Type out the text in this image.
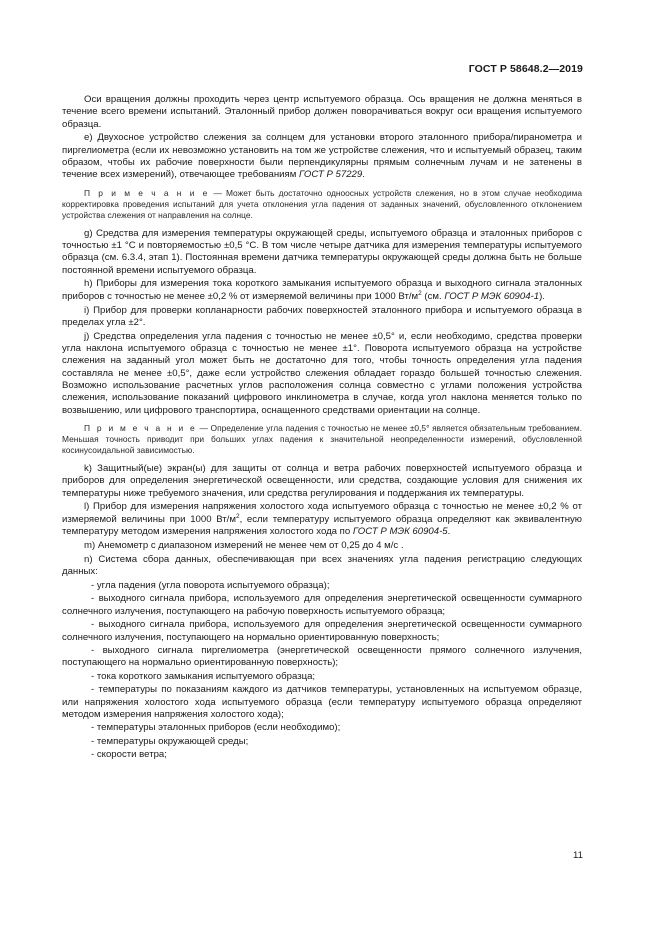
ГОСТ Р 58648.2—2019

Оси вращения должны проходить через центр испытуемого образца. Ось вращения не должна меняться в течение всего времени испытаний. Эталонный прибор должен поворачиваться вокруг оси вращения испытуемого образца.

е) Двухосное устройство слежения за солнцем для установки второго эталонного прибора/пиранометра и пиргелиометра (если их невозможно установить на том же устройстве слежения, что и испытуемый образец, таким образом, чтобы их рабочие поверхности были перпендикулярны прямым солнечным лучам и не затенены в течение всех измерений), отвечающее требованиям ГОСТ Р 57229.

П р и м е ч а н и е — Может быть достаточно одноосных устройств слежения, но в этом случае необходима корректировка проведения испытаний для учета отклонения угла падения от заданных значений, обусловленного отклонением устройства слежения от направления на солнце.

g) Средства для измерения температуры окружающей среды, испытуемого образца и эталонных приборов с точностью ±1 °С и повторяемостью ±0,5 °С. В том числе четыре датчика для измерения температуры испытуемого образца (см. 6.3.4, этап 1). Постоянная времени датчика температуры окружающей среды должна быть не больше постоянной времени испытуемого образца.

h) Приборы для измерения тока короткого замыкания испытуемого образца и выходного сигнала эталонных приборов с точностью не менее ±0,2 % от измеряемой величины при 1000 $Вт/м^2$ (см. ГОСТ Р МЭК 60904-1).

i) Прибор для проверки копланарности рабочих поверхностей эталонного прибора и испытуемого образца в пределах угла ±2°.

j) Средства определения угла падения с точностью не менее ±0,5° и, если необходимо, средства проверки угла наклона испытуемого образца с точностью не менее ±1°. Поворота испытуемого образца на устройстве слежения на заданный угол может быть не достаточно для того, чтобы точность определения угла падения составляла не менее ±0,5°, даже если устройство слежения обладает гораздо большей точностью слежения. Возможно использование расчетных углов расположения солнца совместно с углами положения устройства слежения, использование показаний цифрового инклинометра в случае, когда угол наклона меняется только по возвышению, или цифрового транспортира, оснащенного средствами ориентации на солнце.

П р и м е ч а н и е — Определение угла падения с точностью не менее ±0,5° является обязательным требованием. Меньшая точность приводит при больших углах падения к значительной неопределенности измерений, обусловленной косинусоидальной зависимостью.

k) Защитный(ые) экран(ы) для защиты от солнца и ветра рабочих поверхностей испытуемого образца и приборов для определения энергетической освещенности, или средства, создающие условия для снижения их температуры ниже требуемого значения, или средства регулирования и поддержания их температуры.

l) Прибор для измерения напряжения холостого хода испытуемого образца с точностью не менее ±0,2 % от измеряемой величины при 1000 $Вт/м^2$, если температуру испытуемого образца определяют как эквивалентную температуру методом измерения напряжения холостого хода по ГОСТ Р МЭК 60904-5.

m) Анемометр с диапазоном измерений не менее чем от 0,25 до 4 м/с .

n) Система сбора данных, обеспечивающая при всех значениях угла падения регистрацию следующих данных:

- угла падения (угла поворота испытуемого образца);

- выходного сигнала прибора, используемого для определения энергетической освещенности суммарного солнечного излучения, поступающего на рабочую поверхность испытуемого образца;

- выходного сигнала прибора, используемого для определения энергетической освещенности суммарного солнечного излучения, поступающего на нормально ориентированную поверхность;

- выходного сигнала пиргелиометра (энергетической освещенности прямого солнечного излучения, поступающего на нормально ориентированную поверхность);

- тока короткого замыкания испытуемого образца;

- температуры по показаниям каждого из датчиков температуры, установленных на испытуемом образце, или напряжения холостого хода испытуемого образца (если температуру испытуемого образца определяют методом измерения напряжения холостого хода);

- температуры эталонных приборов (если необходимо);

- температуры окружающей среды;

- скорости ветра;

11
